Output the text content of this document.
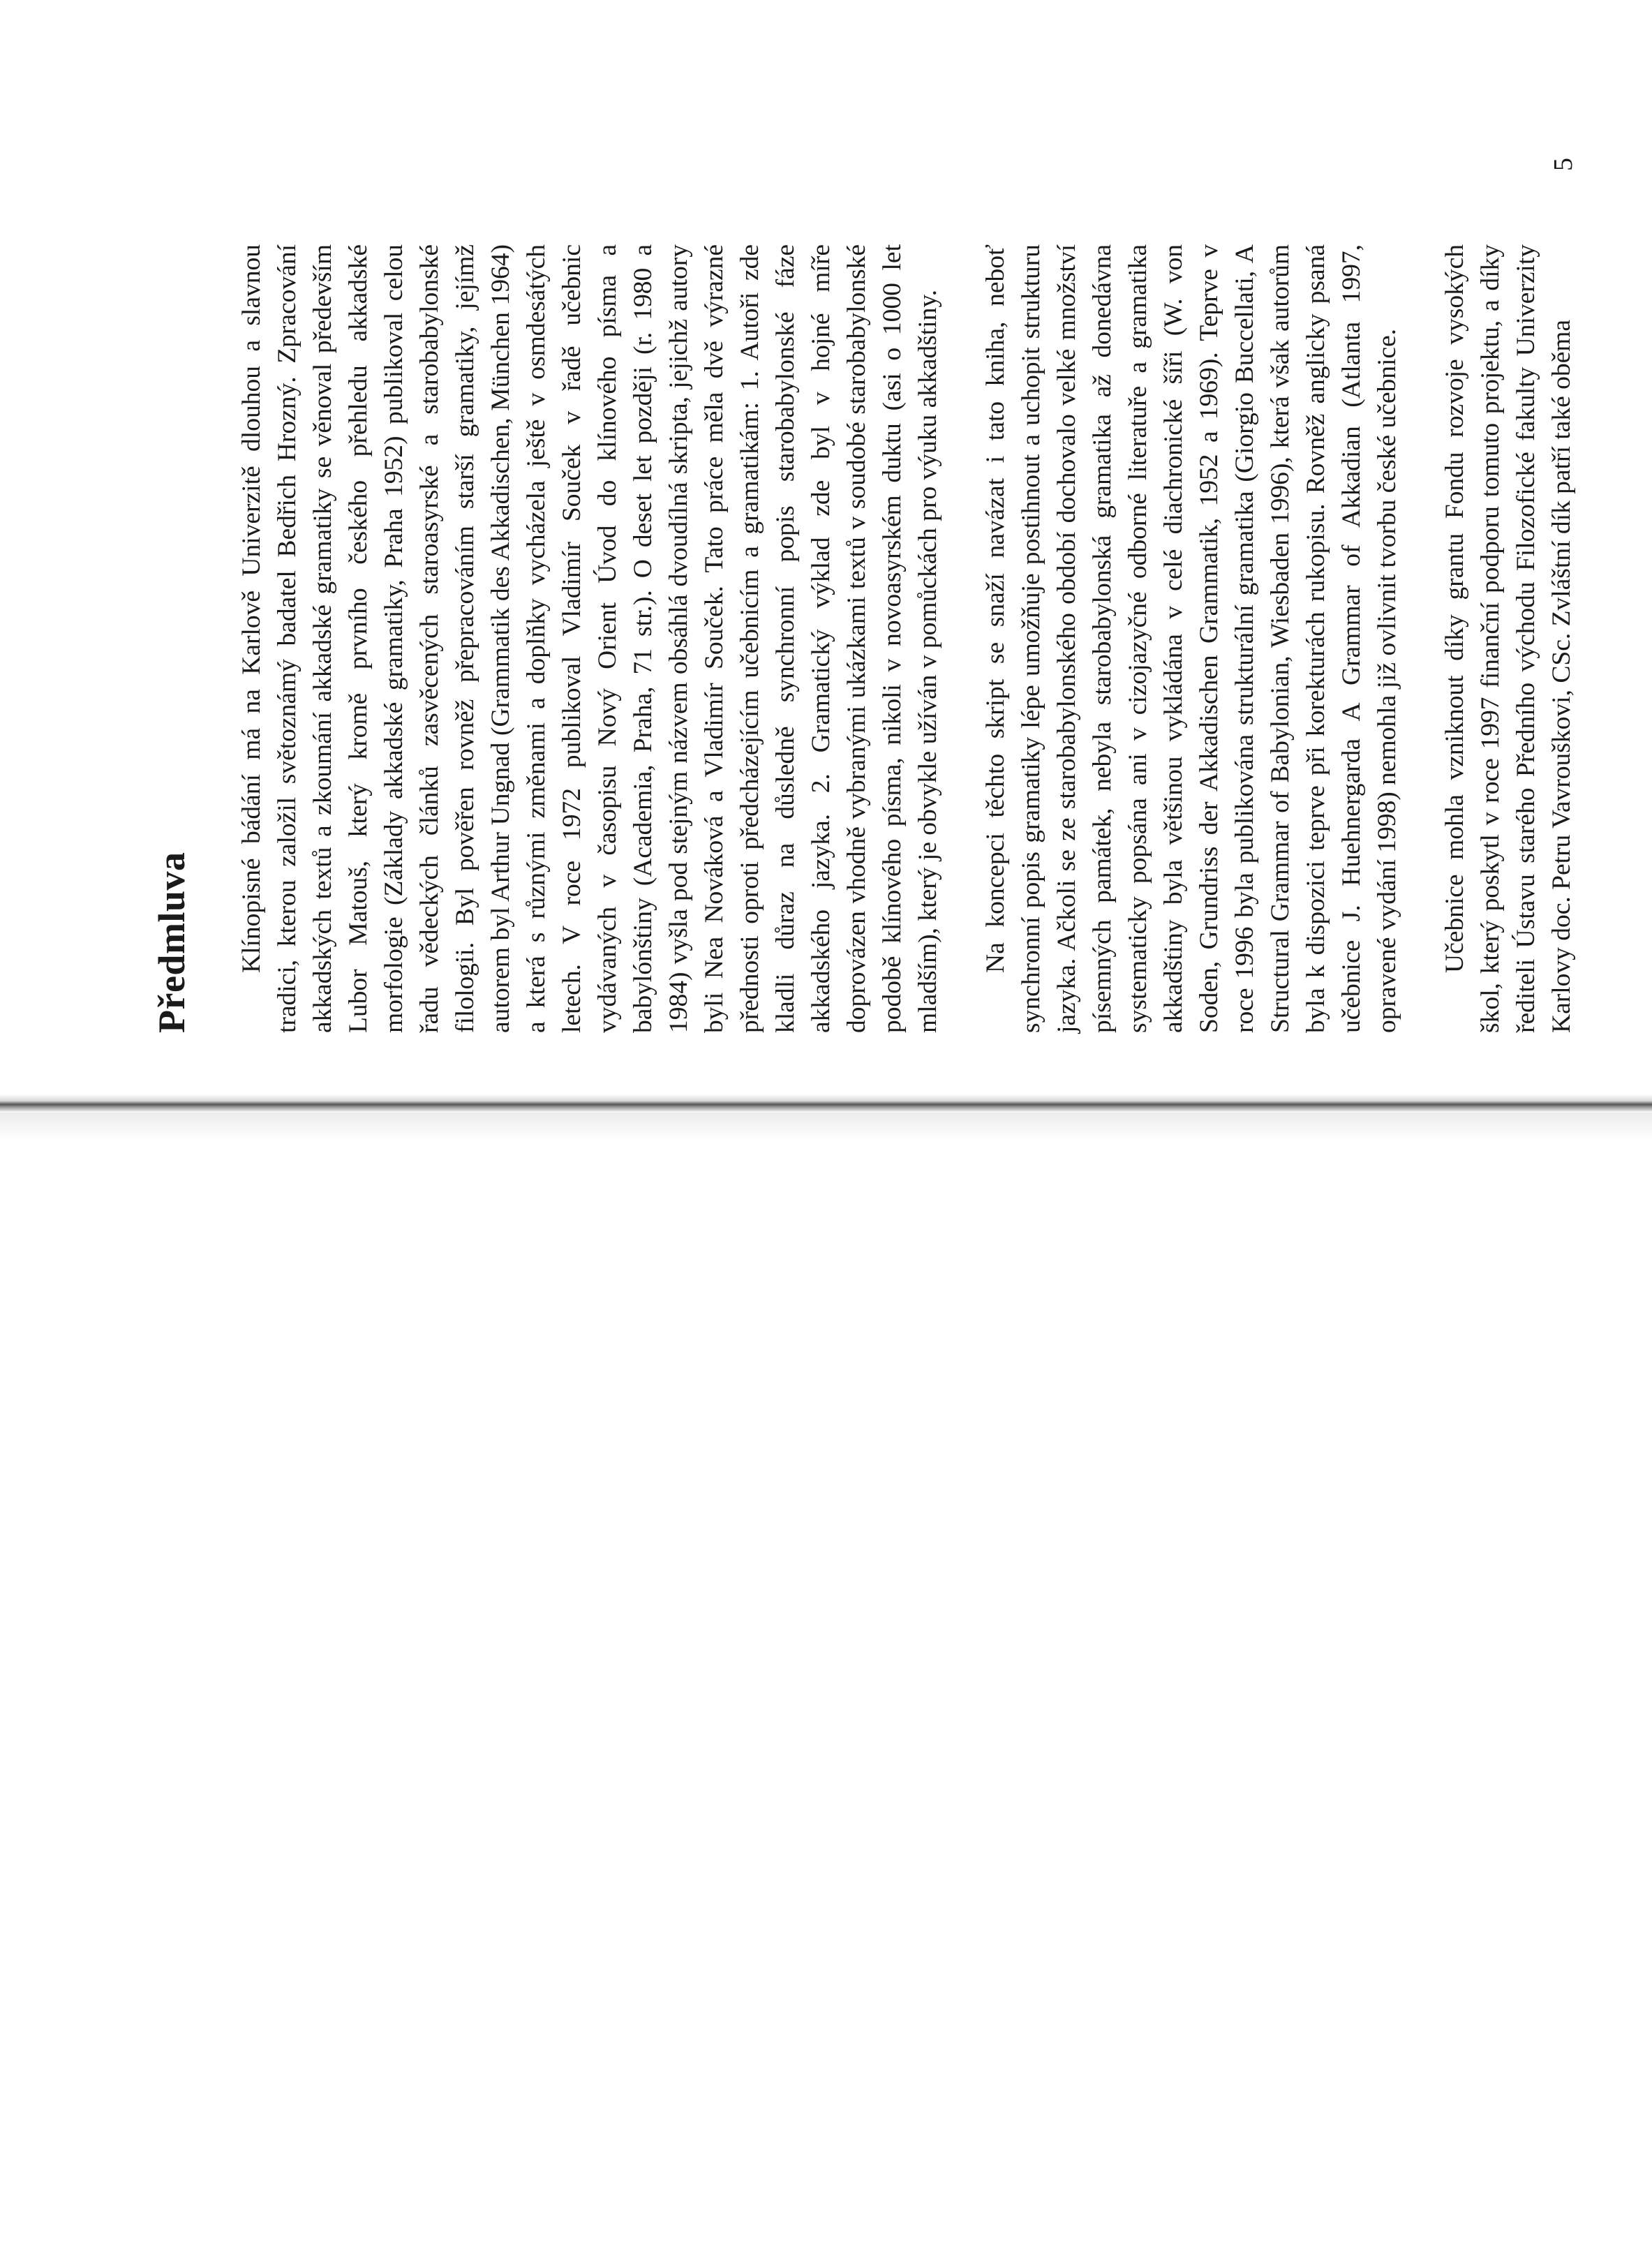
Předmluva Klínopisné bádání má na Karlově Univerzitě dlouhou a slavnou tradici, kterou založil světoznámý badatel Bedřich Hrozný. Zpracování akkadských textů a zkoumání akkadské gramatiky se věnoval především Lubor Matouš, který kromě prvního českého přehledu akkadské morfologie (Základy akkadské gramatiky, Praha 1952) publikoval celou řadu vědeckých článků zasvěcených staroasyrské a starobabylonské filologii. Byl pověřen rovněž přepracováním starší gramatiky, jejímž autorem byl Arthur Ungnad (Grammatik des Akkadischen, München 1964) a která s různými změnami a doplňky vycházela ještě v osmdesátých letech. V roce 1972 publikoval Vladimír Souček v řadě učebnic vydávaných v časopisu Nový Orient Úvod do klínového písma a babylónštiny (Academia, Praha, 71 str.). O deset let později (r. 1980 a 1984) vyšla pod stejným názvem obsáhlá dvoudílná skripta, jejichž autory byli Nea Nováková a Vladimír Souček. Tato práce měla dvě výrazné přednosti oproti předcházejícím učebnicím a gramatikám: 1. Autoři zde kladli důraz na důsledně synchronní popis starobabylonské fáze akkadského jazyka. 2. Gramatický výklad zde byl v hojné míře doprovázen vhodně vybranými ukázkami textů v soudobé starobabylonské podobě klínového písma, nikoli v novoasyrském duktu (asi o 1000 let mladším), který je obvykle užíván v pomůckách pro výuku akkadštiny. Na koncepci těchto skript se snaží navázat i tato kniha, neboť synchronní popis gramatiky lépe umožňuje postihnout a uchopit strukturu jazyka. Ačkoli se ze starobabylonského období dochovalo velké množství písemných památek, nebyla starobabylonská gramatika až donedávna systematicky popsána ani v cizojazyčné odborné literatuře a gramatika akkadštiny byla většinou vykládána v celé diachronické šíři (W. von Soden, Grundriss der Akkadischen Grammatik, 1952 a 1969). Teprve v roce 1996 byla publikována strukturální gramatika (Giorgio Buccellati, A Structural Grammar of Babylonian, Wiesbaden 1996), která však autorům byla k dispozici teprve při korekturách rukopisu. Rovněž anglicky psaná učebnice J. Huehnergarda A Grammar of Akkadian (Atlanta 1997, opravené vydání 1998) nemohla již ovlivnit tvorbu české učebnice. Učebnice mohla vzniknout díky grantu Fondu rozvoje vysokých škol, který poskytl v roce 1997 finanční podporu tomuto projektu, a díky řediteli Ústavu starého Předního východu Filozofické fakulty Univerzity Karlovy doc. Petru Vavrouškovi, CSc. Zvláštní dík patří také oběma

5
